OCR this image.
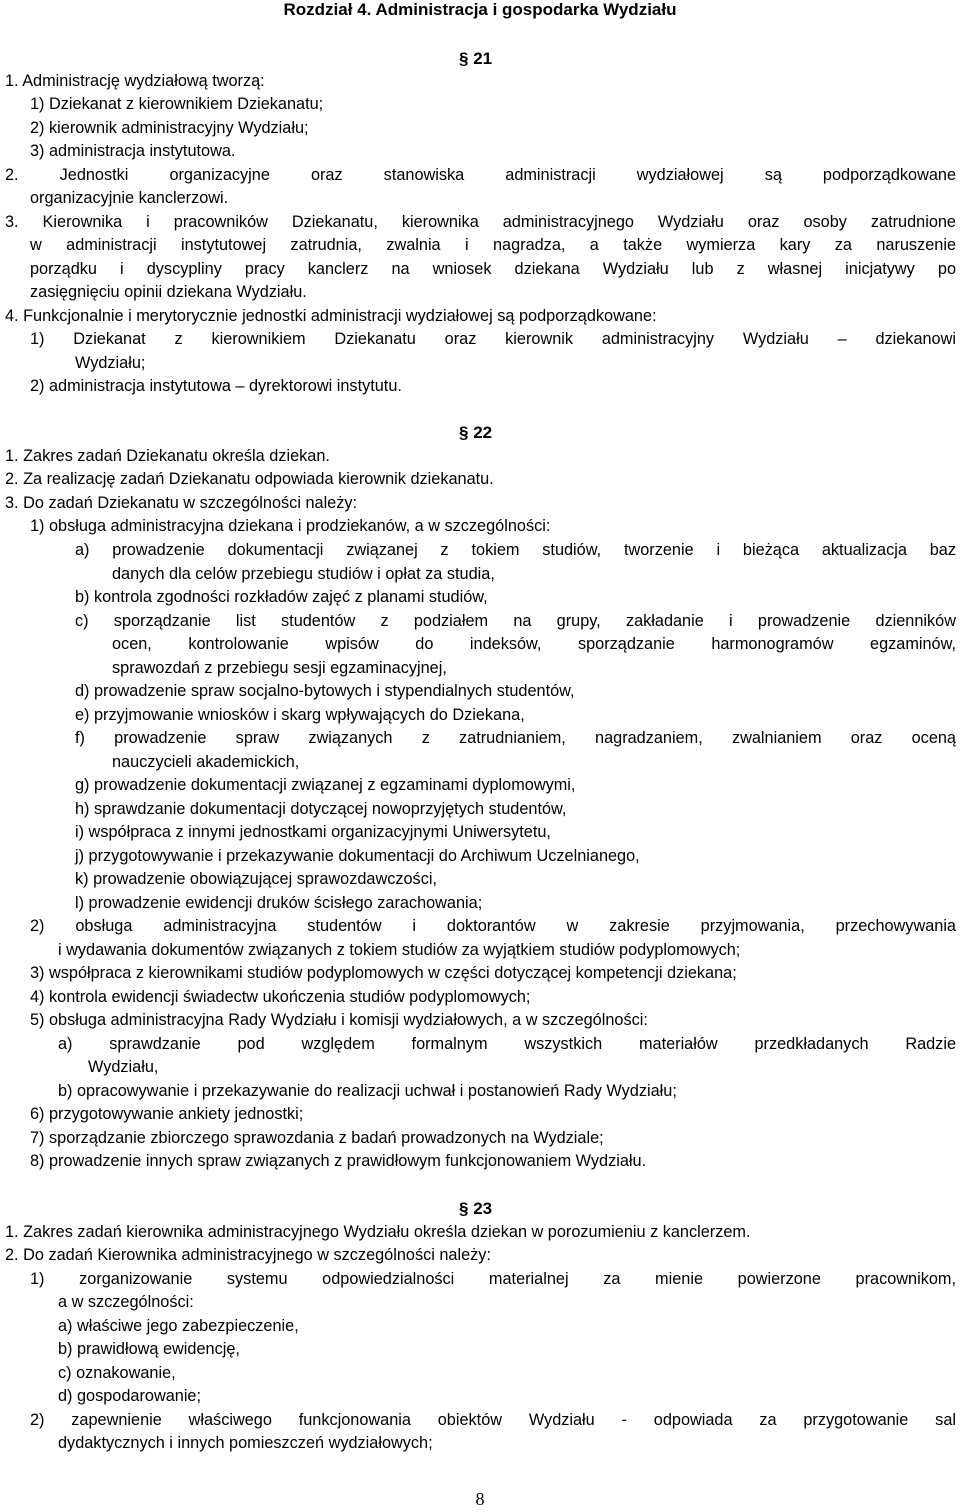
Rozdział 4. Administracja i gospodarka Wydziału
§ 21
1. Administrację wydziałową tworzą:
1) Dziekanat z kierownikiem Dziekanatu;
2) kierownik administracyjny Wydziału;
3) administracja instytutowa.
2. Jednostki organizacyjne oraz stanowiska administracji wydziałowej są podporządkowane
organizacyjnie kanclerzowi.
3. Kierownika i pracowników Dziekanatu, kierownika administracyjnego Wydziału oraz osoby zatrudnione
w administracji instytutowej zatrudnia, zwalnia i nagradza, a także wymierza kary za naruszenie
porządku i dyscypliny pracy kanclerz na wniosek dziekana Wydziału lub z własnej inicjatywy po
zasięgnięciu opinii dziekana Wydziału.
4. Funkcjonalnie i merytorycznie jednostki administracji wydziałowej są podporządkowane:
1) Dziekanat z kierownikiem Dziekanatu oraz kierownik administracyjny Wydziału – dziekanowi
Wydziału;
2) administracja instytutowa – dyrektorowi instytutu.
§ 22
1. Zakres zadań Dziekanatu określa dziekan.
2. Za realizację zadań Dziekanatu odpowiada kierownik dziekanatu.
3. Do zadań Dziekanatu w szczególności należy:
1) obsługa administracyjna dziekana i prodziekanów, a w szczególności:
a) prowadzenie dokumentacji związanej z tokiem studiów, tworzenie i bieżąca aktualizacja baz
danych dla celów przebiegu studiów i opłat za studia,
b) kontrola zgodności rozkładów zajęć z planami studiów,
c) sporządzanie list studentów z podziałem na grupy, zakładanie i prowadzenie dzienników
ocen, kontrolowanie wpisów do indeksów, sporządzanie harmonogramów egzaminów,
sprawozdań z przebiegu sesji egzaminacyjnej,
d) prowadzenie spraw socjalno-bytowych i stypendialnych studentów,
e) przyjmowanie wniosków i skarg wpływających do Dziekana,
f) prowadzenie spraw związanych z zatrudnianiem, nagradzaniem, zwalnianiem oraz oceną
nauczycieli akademickich,
g) prowadzenie dokumentacji związanej z egzaminami dyplomowymi,
h) sprawdzanie dokumentacji dotyczącej nowoprzyjętych studentów,
i) współpraca z innymi jednostkami organizacyjnymi Uniwersytetu,
j) przygotowywanie i przekazywanie dokumentacji do Archiwum Uczelnianego,
k) prowadzenie obowiązującej sprawozdawczości,
l) prowadzenie ewidencji druków ścisłego zarachowania;
2) obsługa administracyjna studentów i doktorantów w zakresie przyjmowania, przechowywania
i wydawania dokumentów związanych z tokiem studiów za wyjątkiem studiów podyplomowych;
3) współpraca z kierownikami studiów podyplomowych w części dotyczącej kompetencji dziekana;
4) kontrola ewidencji świadectw ukończenia studiów podyplomowych;
5) obsługa administracyjna Rady Wydziału i komisji wydziałowych, a w szczególności:
a) sprawdzanie pod względem formalnym wszystkich materiałów przedkładanych Radzie
Wydziału,
b) opracowywanie i przekazywanie do realizacji uchwał i postanowień Rady Wydziału;
6) przygotowywanie ankiety jednostki;
7) sporządzanie zbiorczego sprawozdania z badań prowadzonych na Wydziale;
8) prowadzenie innych spraw związanych z prawidłowym funkcjonowaniem Wydziału.
§ 23
1. Zakres zadań kierownika administracyjnego Wydziału określa dziekan w porozumieniu z kanclerzem.
2. Do zadań Kierownika administracyjnego w szczególności należy:
1) zorganizowanie systemu odpowiedzialności materialnej za mienie powierzone pracownikom,
a w szczególności:
a) właściwe jego zabezpieczenie,
b) prawidłową ewidencję,
c) oznakowanie,
d) gospodarowanie;
2) zapewnienie właściwego funkcjonowania obiektów Wydziału - odpowiada za przygotowanie sal
dydaktycznych i innych pomieszczeń wydziałowych;
8
